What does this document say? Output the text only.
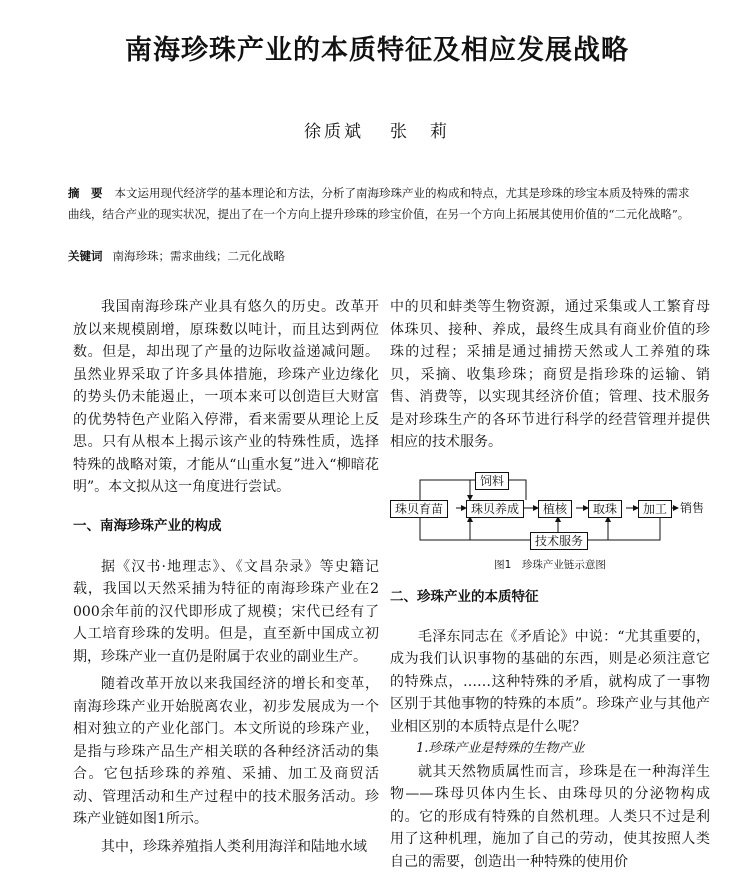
南海珍珠产业的本质特征及相应发展战略
徐质斌 张　莉
摘　要 本文运用现代经济学的基本理论和方法，分析了南海珍珠产业的构成和特点，尤其是珍珠的珍宝本质及特殊的需求曲线，结合产业的现实状况，提出了在一个方向上提升珍珠的珍宝价值，在另一个方向上拓展其使用价值的“二元化战略”。
关键词 南海珍珠；需求曲线；二元化战略

我国南海珍珠产业具有悠久的历史。改革开放以来规模剧增，原珠数以吨计，而且达到两位数。但是，却出现了产量的边际收益递减问题。虽然业界采取了许多具体措施，珍珠产业边缘化的势头仍未能遏止，一项本来可以创造巨大财富的优势特色产业陷入停滞，看来需要从理论上反思。只有从根本上揭示该产业的特殊性质，选择特殊的战略对策，才能从“山重水复”进入“柳暗花明”。本文拟从这一角度进行尝试。

一、南海珍珠产业的构成

据《汉书·地理志》、《文昌杂录》等史籍记载，我国以天然采捕为特征的南海珍珠产业在2 000余年前的汉代即形成了规模；宋代已经有了人工培育珍珠的发明。但是，直至新中国成立初期，珍珠产业一直仍是附属于农业的副业生产。

随着改革开放以来我国经济的增长和变革，南海珍珠产业开始脱离农业，初步发展成为一个相对独立的产业化部门。本文所说的珍珠产业，是指与珍珠产品生产相关联的各种经济活动的集合。它包括珍珠的养殖、采捕、加工及商贸活动、管理活动和生产过程中的技术服务活动。珍珠产业链如图1所示。

其中，珍珠养殖指人类利用海洋和陆地水域

中的贝和蚌类等生物资源，通过采集或人工繁育母体珠贝、接种、养成，最终生成具有商业价值的珍珠的过程；采捕是通过捕捞天然或人工养殖的珠贝，采摘、收集珍珠；商贸是指珍珠的运输、销售、消费等，以实现其经济价值；管理、技术服务是对珍珠生产的各环节进行科学的经营管理并提供相应的技术服务。

饲料
珠贝育苗	珠贝养成	植核	取珠	加工	销售
技术服务
图1　珍珠产业链示意图
二、珍珠产业的本质特征

毛泽东同志在《矛盾论》中说：“尤其重要的，成为我们认识事物的基础的东西，则是必须注意它的特殊点，……这种特殊的矛盾，就构成了一事物区别于其他事物的特殊的本质”。珍珠产业与其他产业相区别的本质特点是什么呢？

1.珍珠产业是特殊的生物产业

就其天然物质属性而言，珍珠是在一种海洋生物——珠母贝体内生长、由珠母贝的分泌物构成的。它的形成有特殊的自然机理。人类只不过是利用了这种机理，施加了自己的劳动，使其按照人类自己的需要，创造出一种特殊的使用价
